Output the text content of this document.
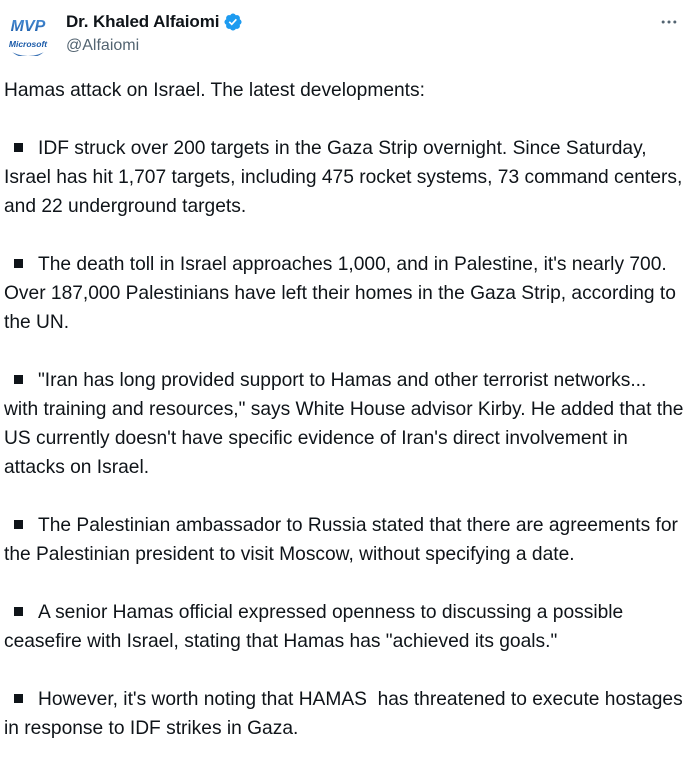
MVP
Microsoft
Dr. Khaled Alfaiomi
@Alfaiomi

Hamas attack on Israel. The latest developments:

IDF struck over 200 targets in the Gaza Strip overnight. Since Saturday, Israel has hit 1,707 targets, including 475 rocket systems, 73 command centers, and 22 underground targets.

The death toll in Israel approaches 1,000, and in Palestine, it's nearly 700. Over 187,000 Palestinians have left their homes in the Gaza Strip, according to the UN.

"Iran has long provided support to Hamas and other terrorist networks... with training and resources," says White House advisor Kirby. He added that the US currently doesn't have specific evidence of Iran's direct involvement in attacks on Israel.

The Palestinian ambassador to Russia stated that there are agreements for the Palestinian president to visit Moscow, without specifying a date.

A senior Hamas official expressed openness to discussing a possible ceasefire with Israel, stating that Hamas has "achieved its goals."

However, it's worth noting that HAMAS  has threatened to execute hostages in response to IDF strikes in Gaza.
